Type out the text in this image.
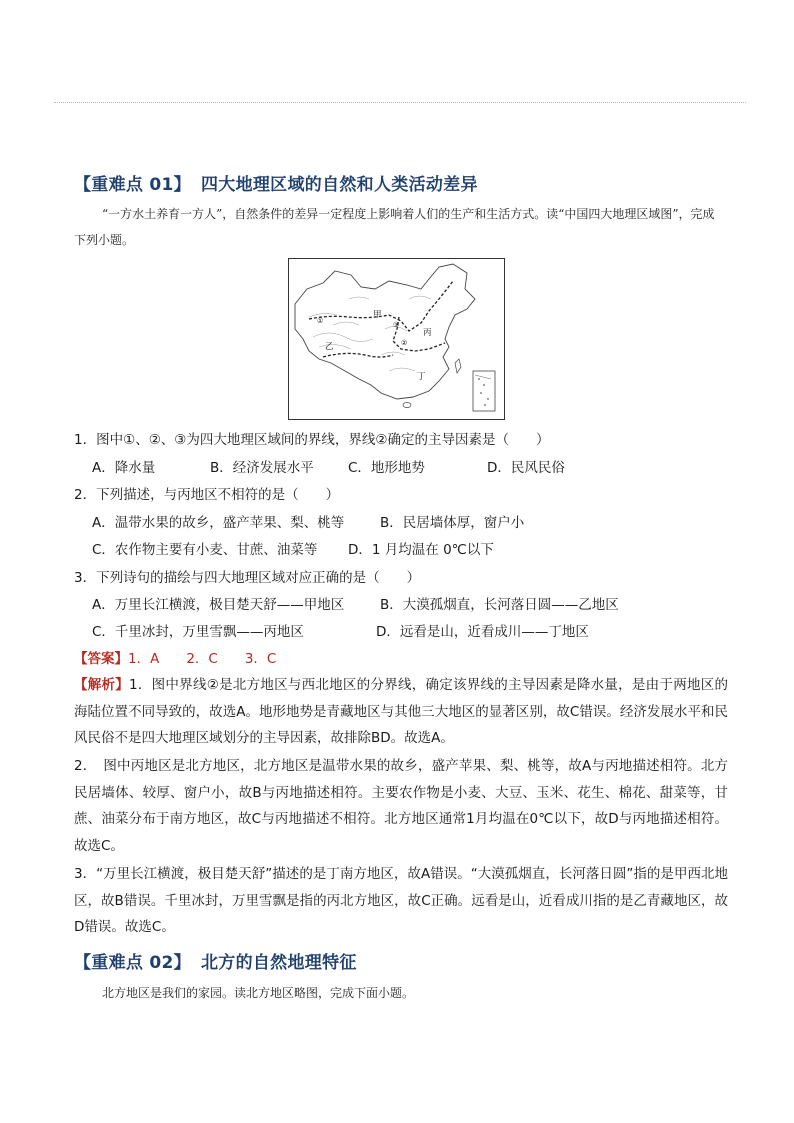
【重难点 01】 四大地理区域的自然和人类活动差异
“一方水土养育一方人”，自然条件的差异一定程度上影响着人们的生产和生活方式。读“中国四大地理区域图”，完成下列小题。
甲
乙
丙
丁
①
②
③
1．图中①、②、③为四大地理区域间的界线，界线②确定的主导因素是（　　）
A．降水量	B．经济发展水平	C．地形地势	D．民风民俗
2．下列描述，与丙地区不相符的是（　　）
A．温带水果的故乡，盛产苹果、梨、桃等	B．民居墙体厚，窗户小
C．农作物主要有小麦、甘蔗、油菜等 D．1 月均温在 0℃以下
3．下列诗句的描绘与四大地理区域对应正确的是（　　）
A．万里长江横渡，极目楚天舒——甲地区	B．大漠孤烟直，长河落日圆——乙地区
C．千里冰封，万里雪飘——丙地区	D．远看是山，近看成川——丁地区
【答案】1．A　　2．C　　3．C
【解析】1．图中界线②是北方地区与西北地区的分界线，确定该界线的主导因素是降水量，是由于两地区的海陆位置不同导致的，故选A。地形地势是青藏地区与其他三大地区的显著区别，故C错误。经济发展水平和民风民俗不是四大地理区域划分的主导因素，故排除BD。故选A。
2．　图中丙地区是北方地区，北方地区是温带水果的故乡，盛产苹果、梨、桃等，故A与丙地描述相符。北方民居墙体、较厚、窗户小，故B与丙地描述相符。主要农作物是小麦、大豆、玉米、花生、棉花、甜菜等，甘蔗、油菜分布于南方地区，故C与丙地描述不相符。北方地区通常1月均温在0℃以下，故D与丙地描述相符。故选C。
3．“万里长江横渡，极目楚天舒”描述的是丁南方地区，故A错误。“大漠孤烟直，长河落日圆”指的是甲西北地区，故B错误。千里冰封，万里雪飘是指的丙北方地区，故C正确。远看是山，近看成川指的是乙青藏地区，故D错误。故选C。
【重难点 02】 北方的自然地理特征
北方地区是我们的家园。读北方地区略图，完成下面小题。
